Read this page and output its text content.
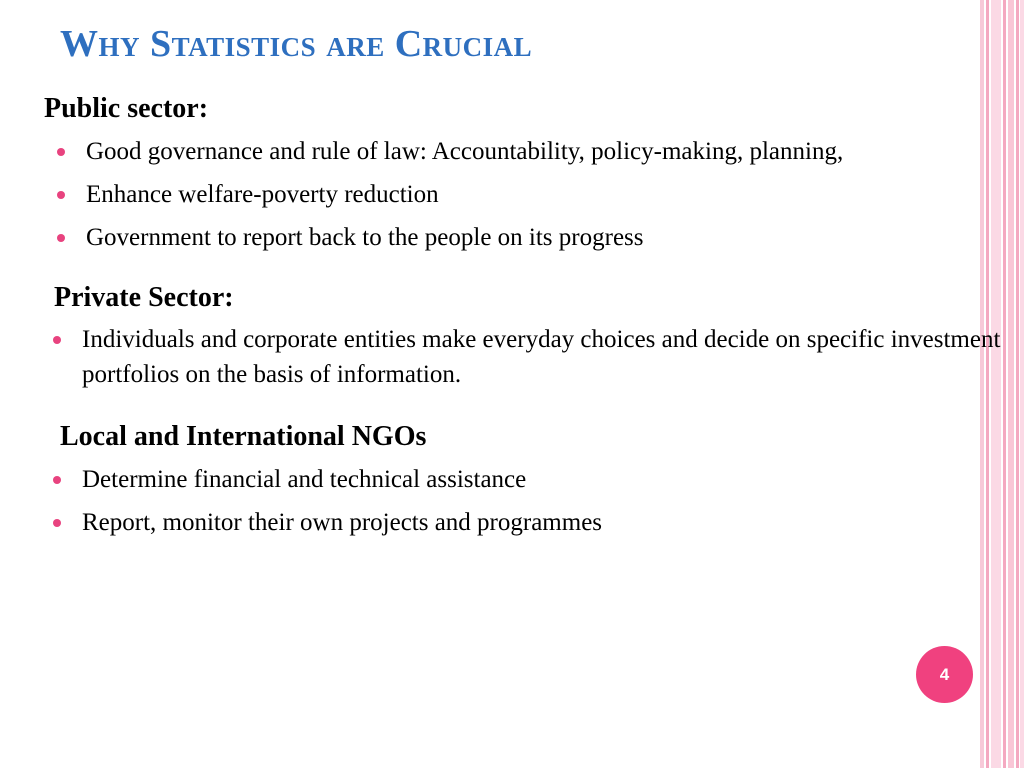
Why Statistics are Crucial

Public sector:

Good governance and rule of law: Accountability, policy-making, planning,
Enhance welfare-poverty reduction
Government to report back to the people on its progress

Private Sector:

Individuals and corporate entities make everyday choices and decide on specific investment portfolios on the basis of information.

Local and International NGOs

Determine financial and technical assistance
Report, monitor their own projects and programmes
4
